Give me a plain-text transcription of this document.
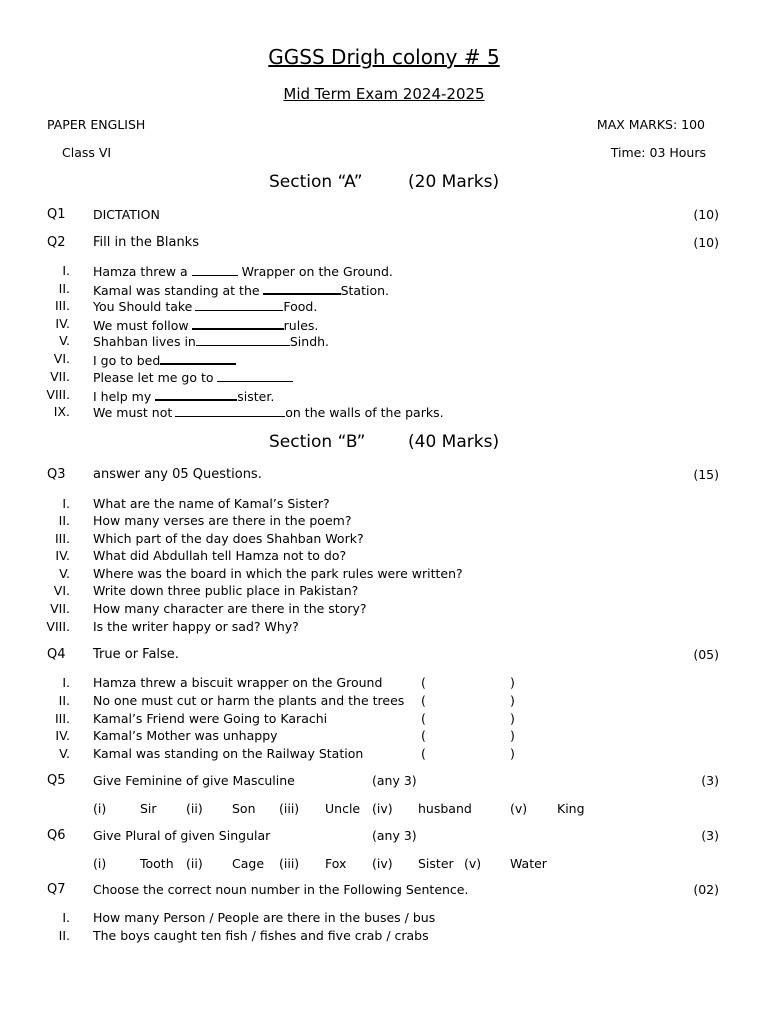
GGSS Drigh colony # 5
Mid Term Exam 2024-2025
PAPER ENGLISH	MAX MARKS: 100
Class VI	Time: 03 Hours
Section “A”	(20 Marks)
Q1 DICTATION	(10)
Q2 Fill in the Blanks	(10)
I. Hamza threw a	Wrapper on the Ground.
II. Kamal was standing at the	Station.
III. You Should take	Food.
IV. We must follow	rules.
V. Shahban lives in	Sindh.
VI. I go to bed
VII. Please let me go to
VIII. I help my	sister.
IX. We must not	on the walls of the parks.
Section “B”	(40 Marks)
Q3 answer any 05 Questions.	(15)
I. What are the name of Kamal’s Sister?
II. How many verses are there in the poem?
III. Which part of the day does Shahban Work?
IV. What did Abdullah tell Hamza not to do?
V. Where was the board in which the park rules were written?
VI. Write down three public place in Pakistan?
VII. How many character are there in the story?
VIII. Is the writer happy or sad? Why?
Q4 True or False.	(05)
I. Hamza threw a biscuit wrapper on the Ground	(	)
II. No one must cut or harm the plants and the trees (	)
III. Kamal’s Friend were Going to Karachi	(	)
IV. Kamal’s Mother was unhappy	(	)
V. Kamal was standing on the Railway Station	(	)
Q5 Give Feminine of give Masculine	(any 3)	(3)
(i)	Sir (ii) Son (iii) Uncle (iv) husband	(v) King
Q6 Give Plural of given Singular	(any 3)	(3)
(i)	Tooth (ii) Cage (iii) Fox (iv) Sister (v) Water
Q7 Choose the correct noun number in the Following Sentence.	(02)
I. How many Person / People are there in the buses / bus
II. The boys caught ten fish / fishes and five crab / crabs
